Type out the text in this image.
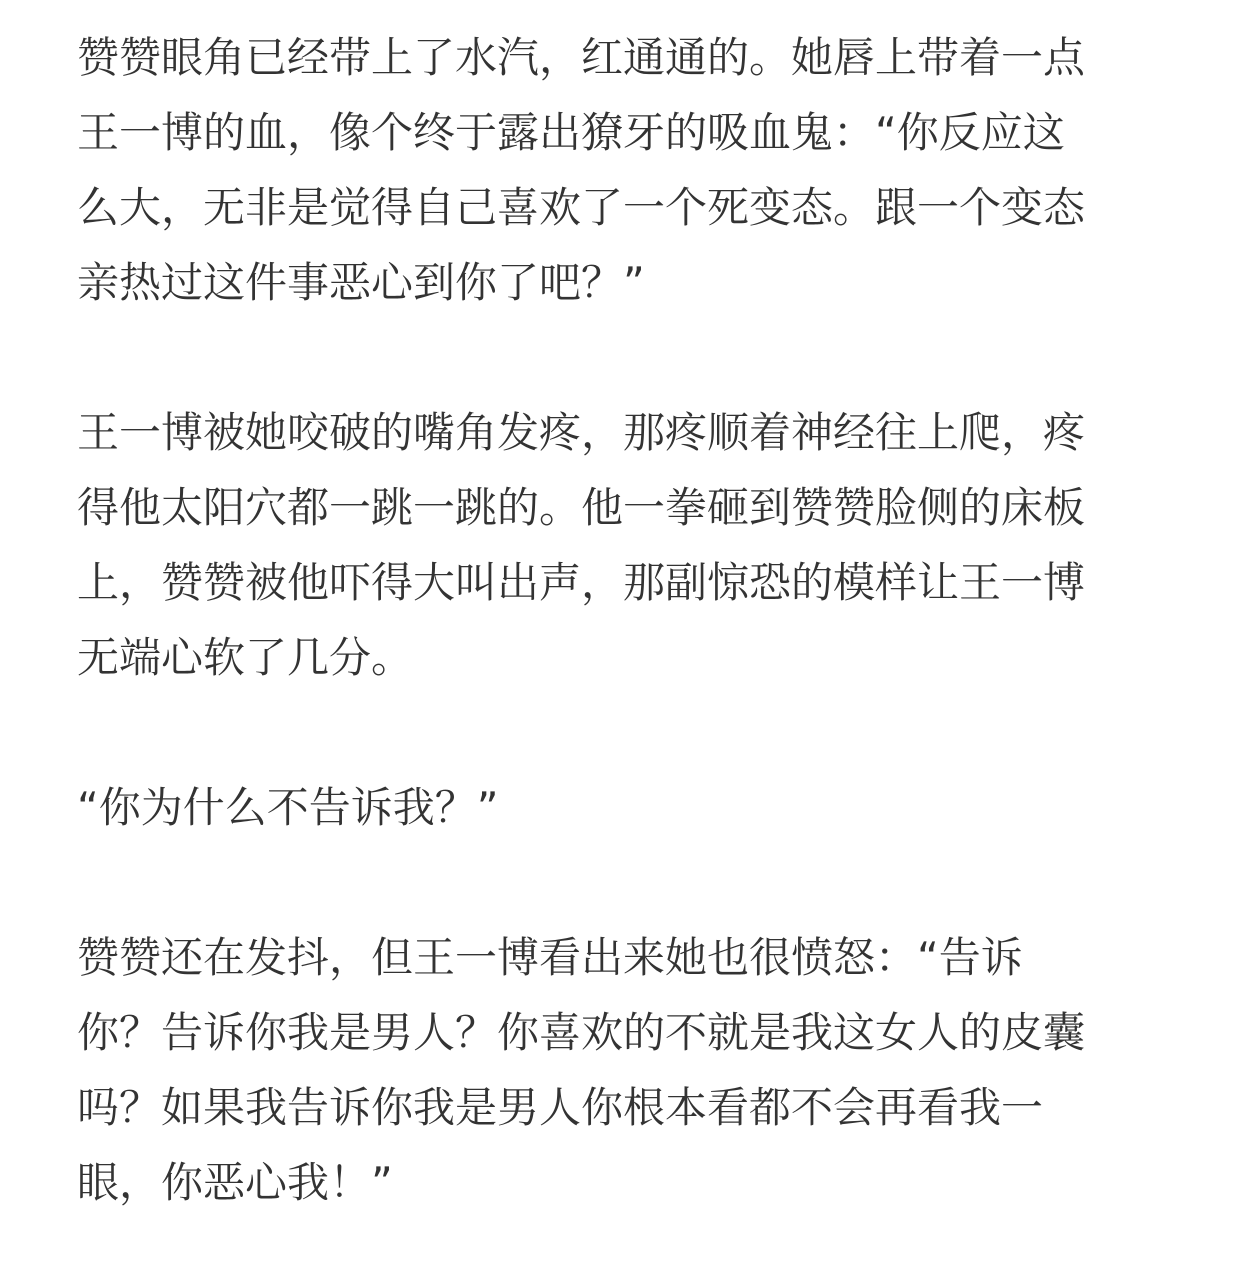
赞赞眼角已经带上了水汽，红通通的。她唇上带着一点
王一博的血，像个终于露出獠牙的吸血鬼：“你反应这
么大，无非是觉得自己喜欢了一个死变态。跟一个变态
亲热过这件事恶心到你了吧？”

王一博被她咬破的嘴角发疼，那疼顺着神经往上爬，疼
得他太阳穴都一跳一跳的。他一拳砸到赞赞脸侧的床板
上，赞赞被他吓得大叫出声，那副惊恐的模样让王一博
无端心软了几分。

“你为什么不告诉我？”

赞赞还在发抖，但王一博看出来她也很愤怒：“告诉
你？告诉你我是男人？你喜欢的不就是我这女人的皮囊
吗？如果我告诉你我是男人你根本看都不会再看我一
眼，你恶心我！”
